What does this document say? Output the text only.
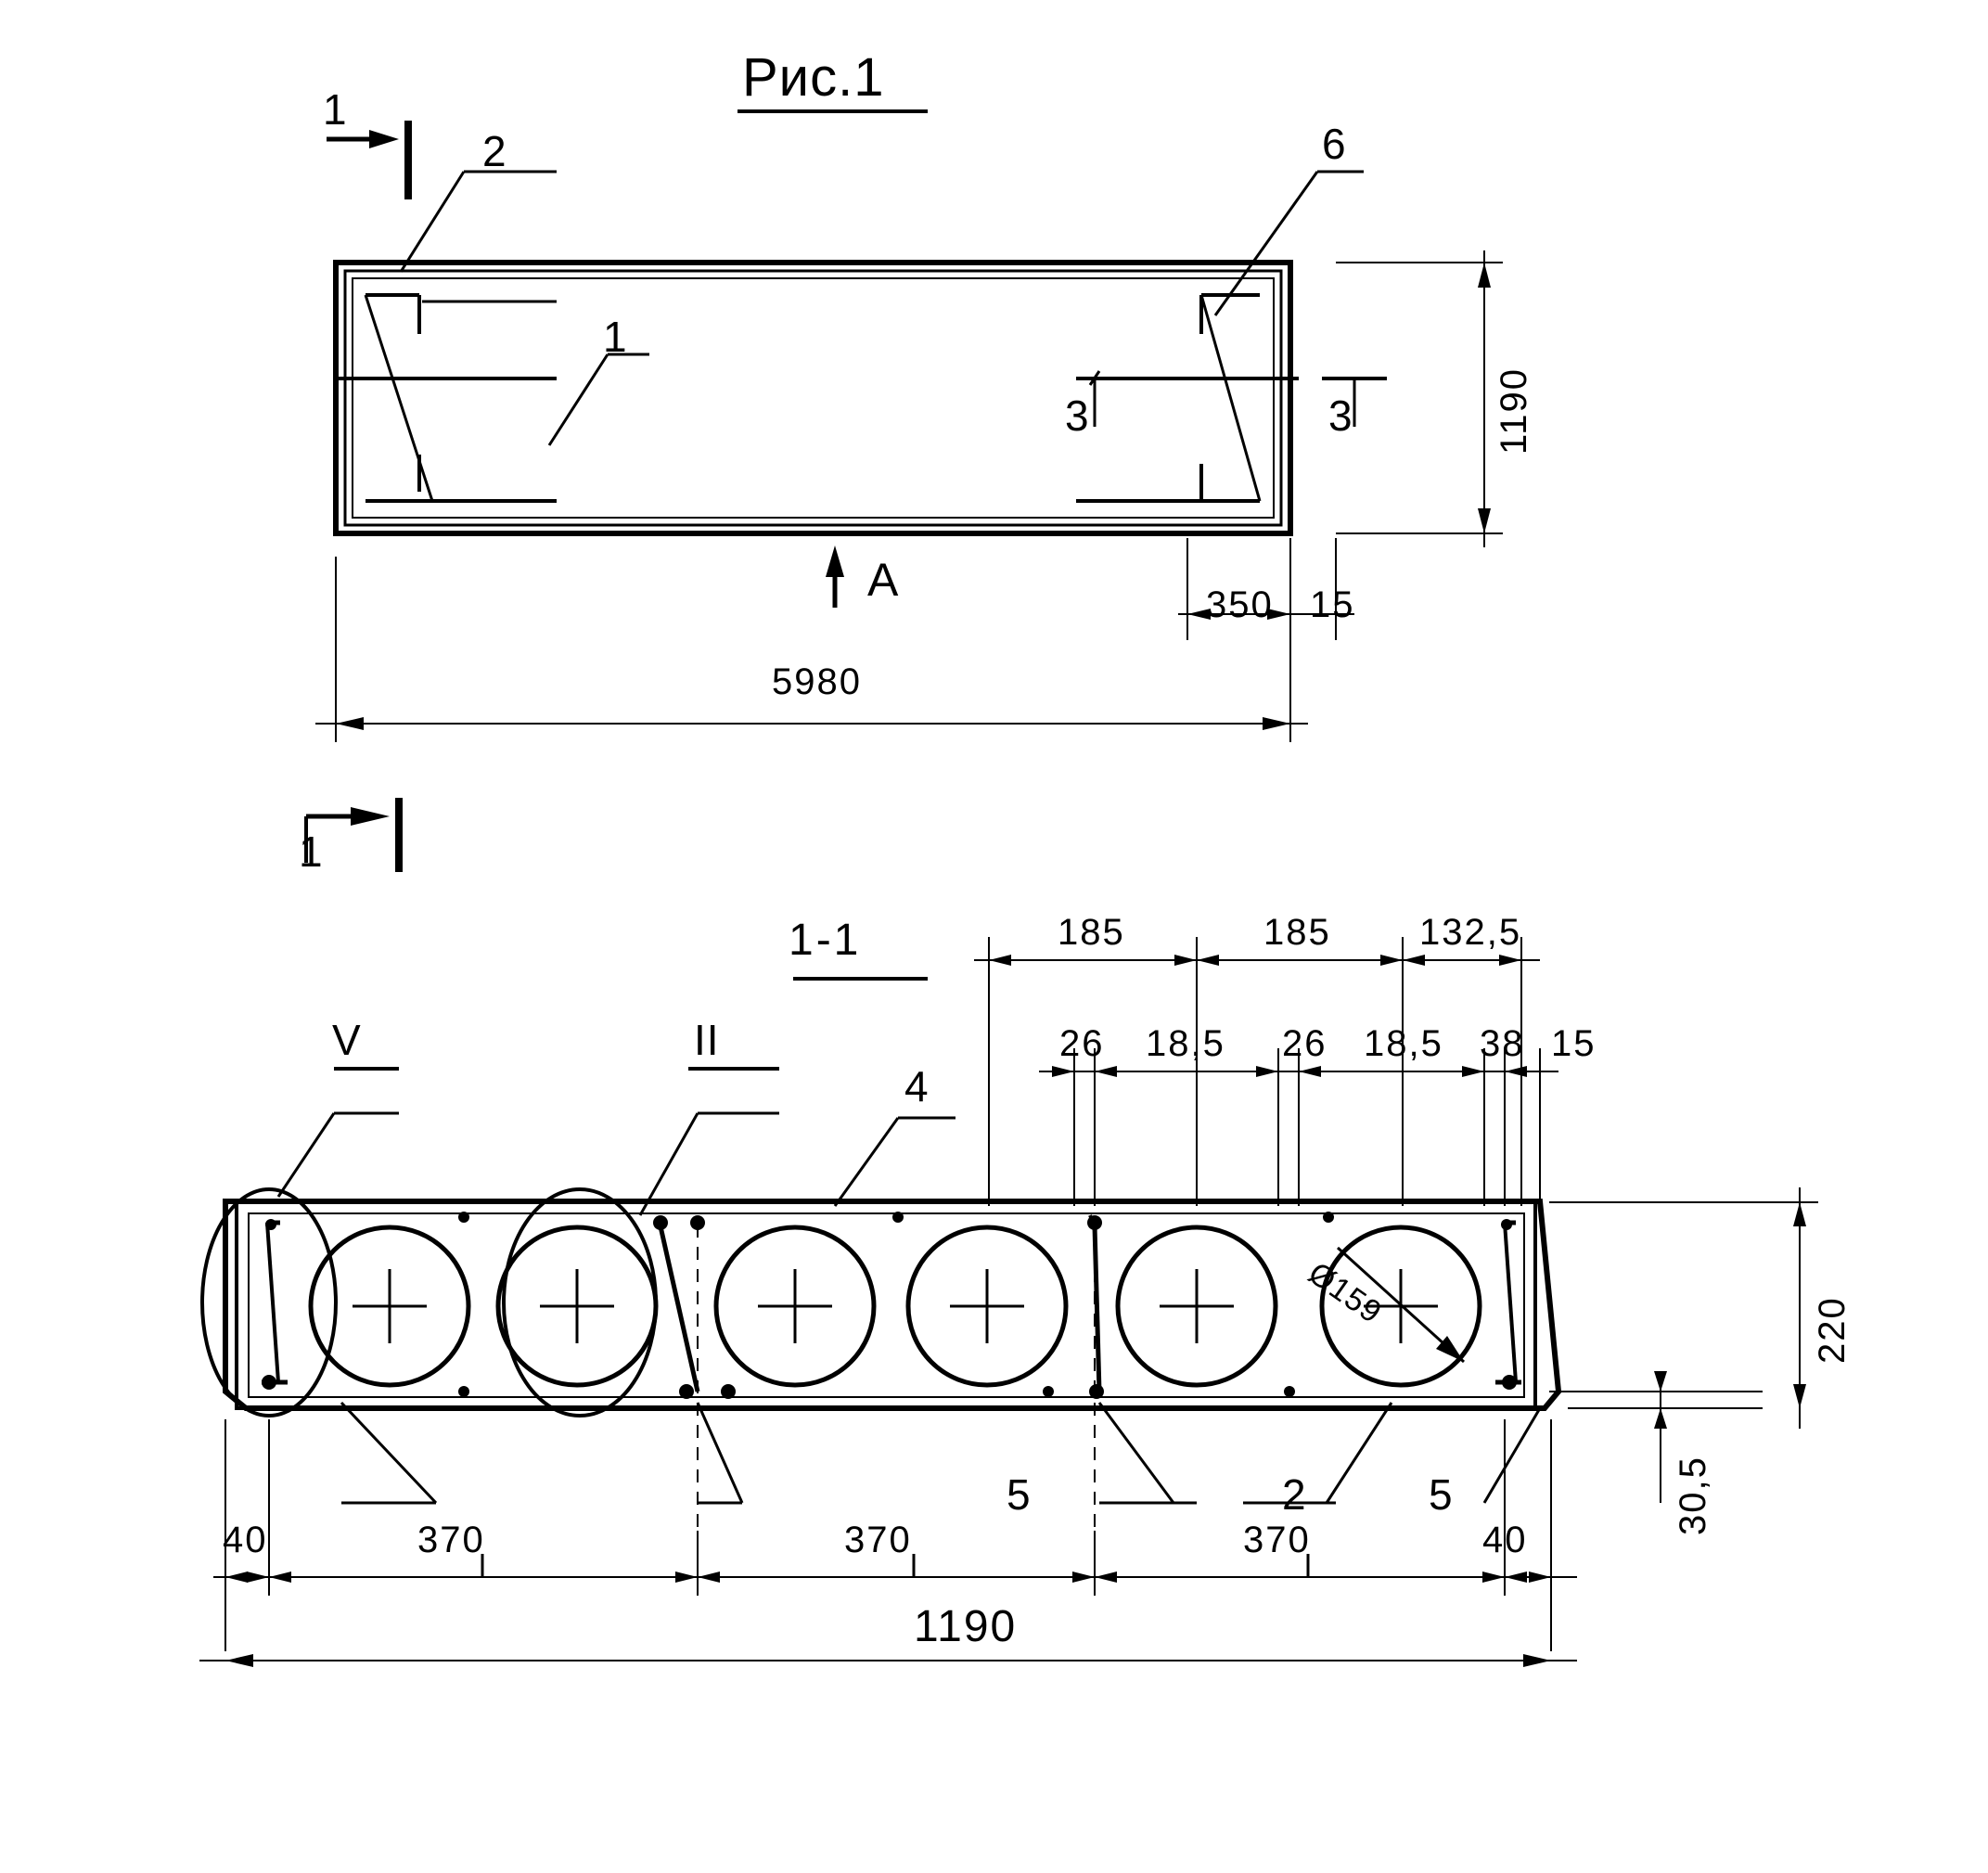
Рис.1
1
1
2
1
6
3	3
A
5980
1190
350 15
1-1
V	II
4
5	2	5
Ø159
185	185 132,5
26 18,5 26 18,5 38 15
220
30,5
40	370	370	370	40
1190
